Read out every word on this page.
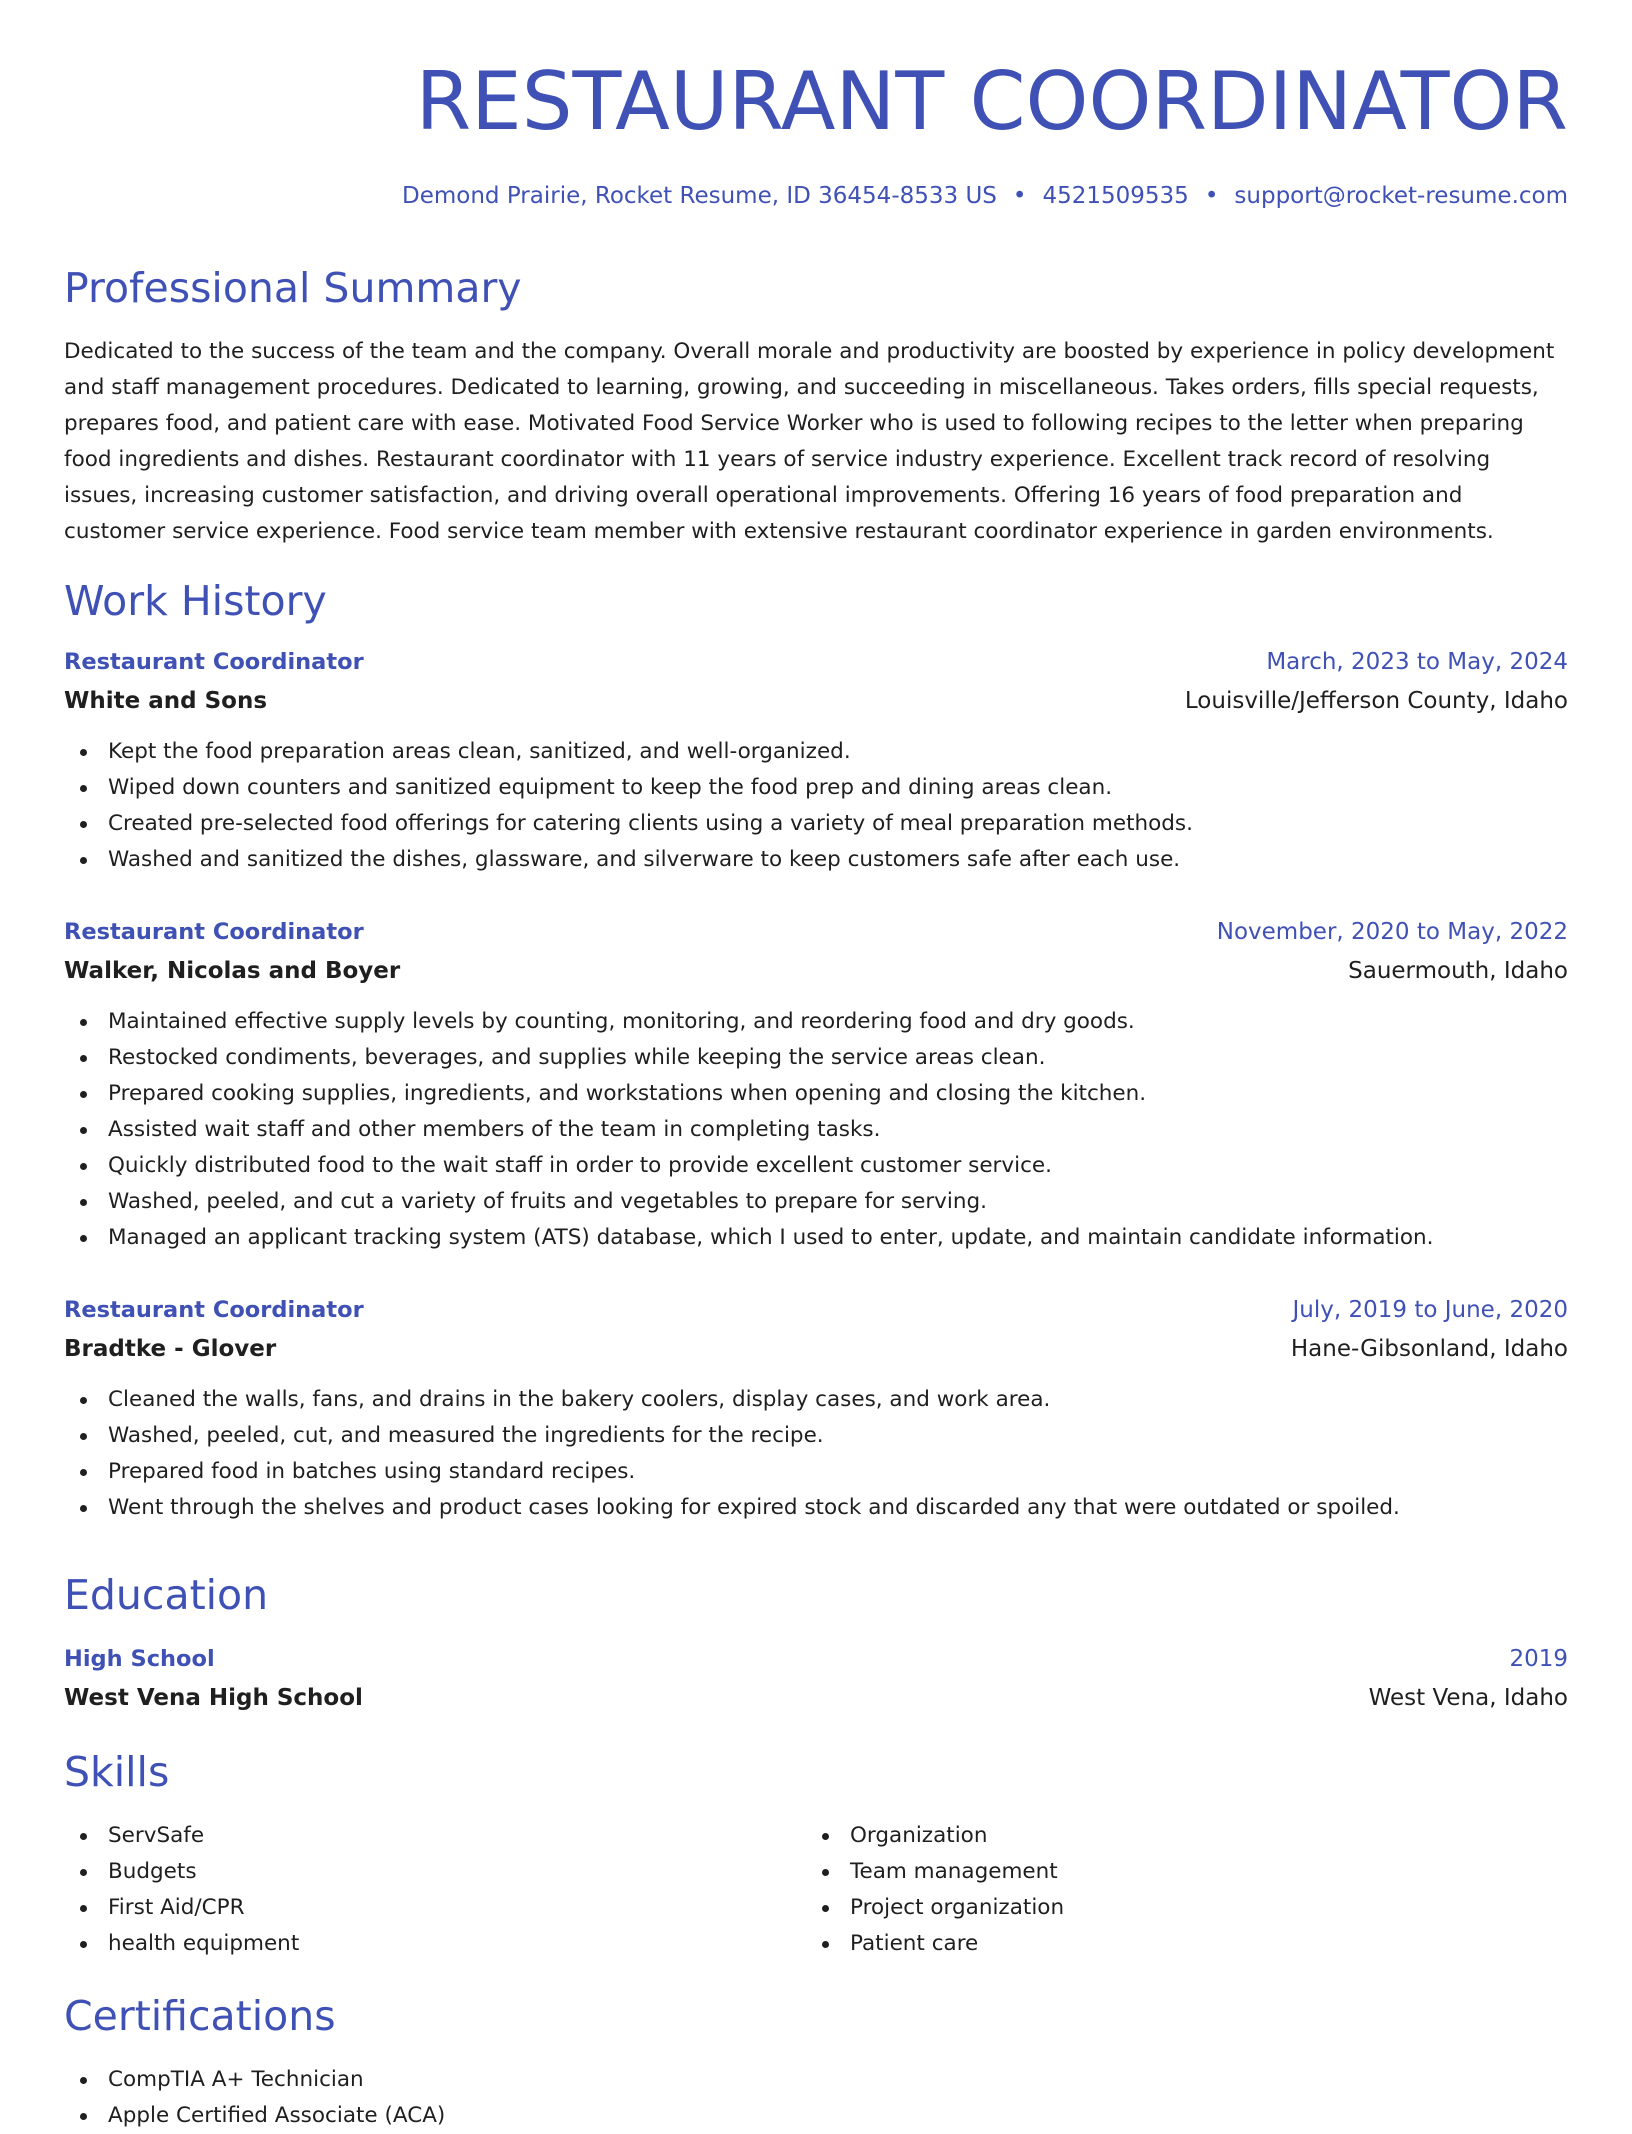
RESTAURANT COORDINATOR
Demond Prairie, Rocket Resume, ID 36454-8533 US • 4521509535 • support@rocket-resume.com
Professional Summary

Dedicated to the success of the team and the company. Overall morale and productivity are boosted by experience in policy development and staff management procedures. Dedicated to learning, growing, and succeeding in miscellaneous. Takes orders, fills special requests, prepares food, and patient care with ease. Motivated Food Service Worker who is used to following recipes to the letter when preparing food ingredients and dishes. Restaurant coordinator with 11 years of service industry experience. Excellent track record of resolving issues, increasing customer satisfaction, and driving overall operational improvements. Offering 16 years of food preparation and customer service experience. Food service team member with extensive restaurant coordinator experience in garden environments.

Work History
Restaurant Coordinator	March, 2023 to May, 2024
White and Sons	Louisville/Jefferson County, Idaho
Kept the food preparation areas clean, sanitized, and well-organized.
Wiped down counters and sanitized equipment to keep the food prep and dining areas clean.
Created pre-selected food offerings for catering clients using a variety of meal preparation methods.
Washed and sanitized the dishes, glassware, and silverware to keep customers safe after each use.
Restaurant Coordinator	November, 2020 to May, 2022
Walker, Nicolas and Boyer	Sauermouth, Idaho
Maintained effective supply levels by counting, monitoring, and reordering food and dry goods.
Restocked condiments, beverages, and supplies while keeping the service areas clean.
Prepared cooking supplies, ingredients, and workstations when opening and closing the kitchen.
Assisted wait staff and other members of the team in completing tasks.
Quickly distributed food to the wait staff in order to provide excellent customer service.
Washed, peeled, and cut a variety of fruits and vegetables to prepare for serving.
Managed an applicant tracking system (ATS) database, which I used to enter, update, and maintain candidate information.
Restaurant Coordinator	July, 2019 to June, 2020
Bradtke - Glover	Hane-Gibsonland, Idaho
Cleaned the walls, fans, and drains in the bakery coolers, display cases, and work area.
Washed, peeled, cut, and measured the ingredients for the recipe.
Prepared food in batches using standard recipes.
Went through the shelves and product cases looking for expired stock and discarded any that were outdated or spoiled.
Education
High School	2019
West Vena High School	West Vena, Idaho
Skills
ServSafe
Budgets
First Aid/CPR
health equipment
Organization
Team management
Project organization
Patient care
Certifications
CompTIA A+ Technician
Apple Certified Associate (ACA)
